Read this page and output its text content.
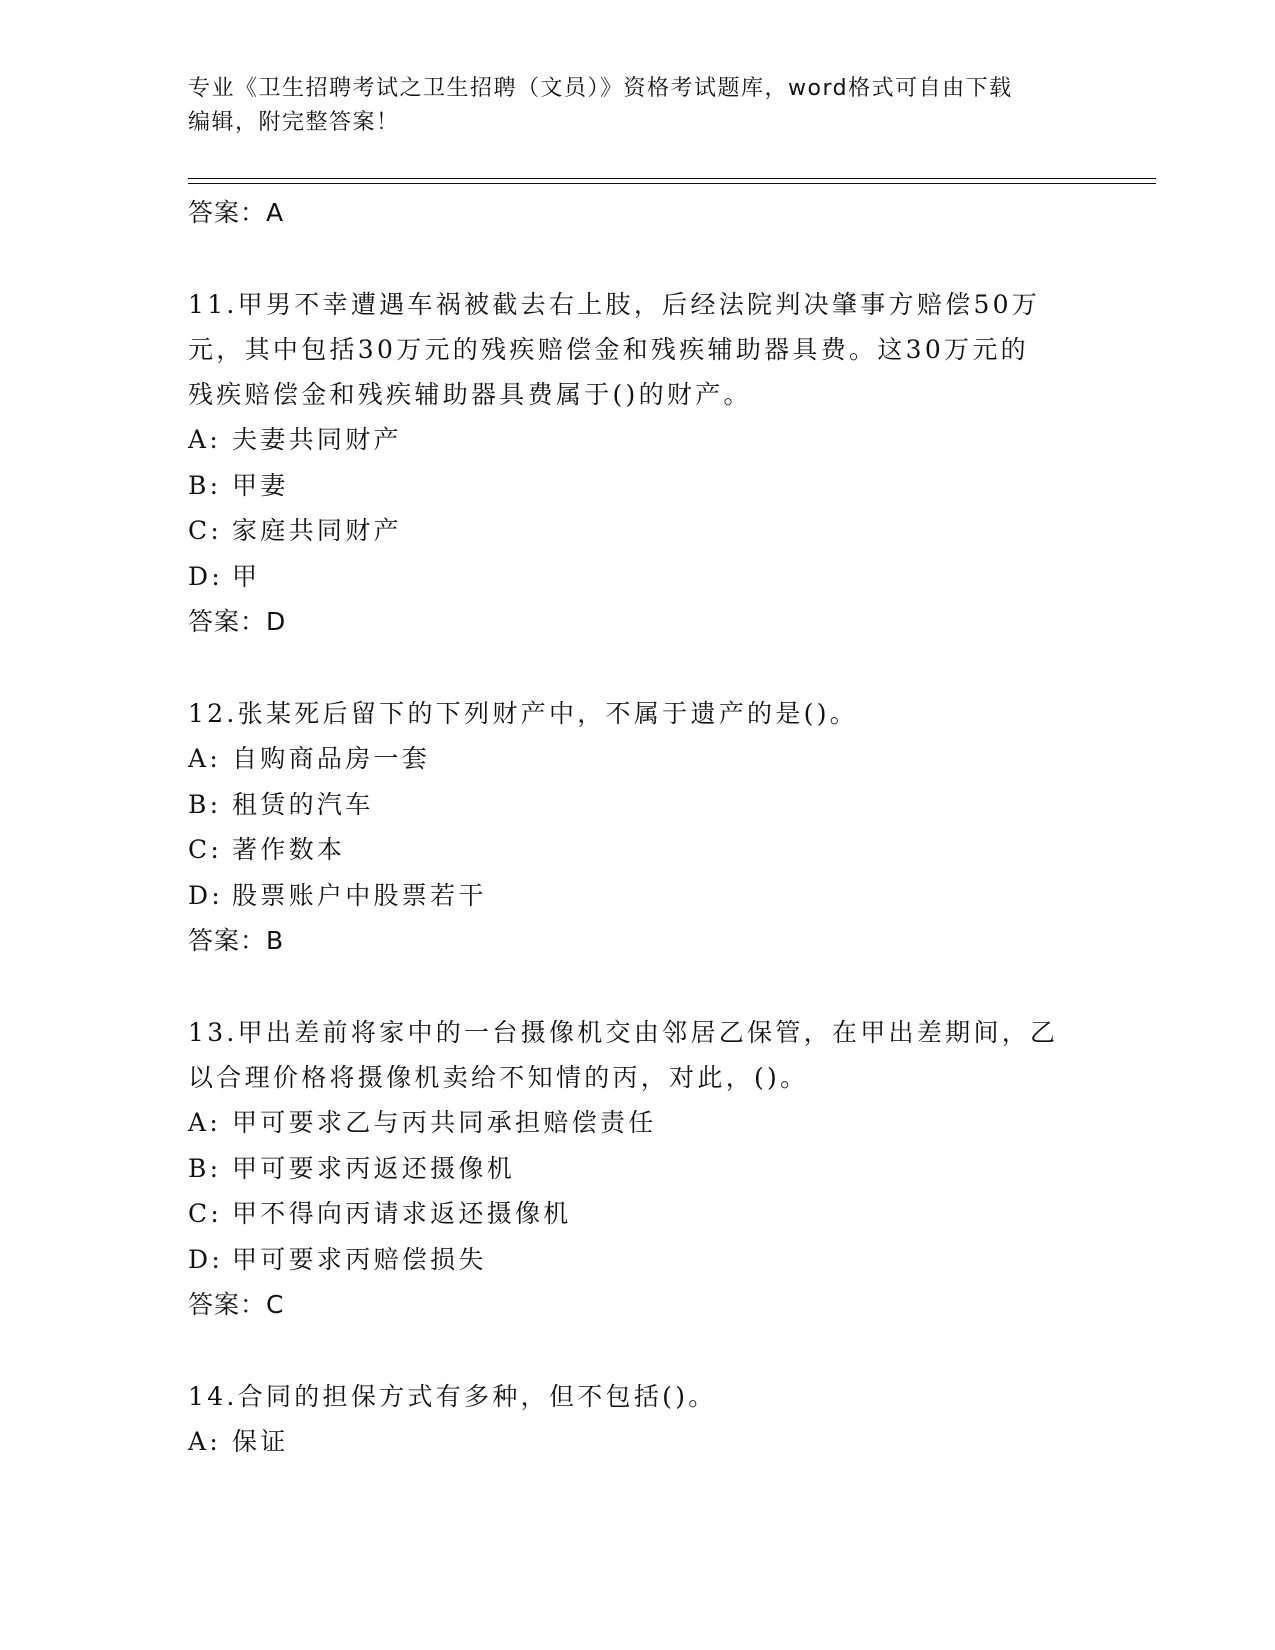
专业《卫生招聘考试之卫生招聘（文员）》资格考试题库，word格式可自由下载
编辑，附完整答案！
答案：A
11.甲男不幸遭遇车祸被截去右上肢，后经法院判决肇事方赔偿50万
元，其中包括30万元的残疾赔偿金和残疾辅助器具费。这30万元的
残疾赔偿金和残疾辅助器具费属于()的财产。
A: 夫妻共同财产
B: 甲妻
C: 家庭共同财产
D: 甲
答案：D
12.张某死后留下的下列财产中，不属于遗产的是()。
A: 自购商品房一套
B: 租赁的汽车
C: 著作数本
D: 股票账户中股票若干
答案：B
13.甲出差前将家中的一台摄像机交由邻居乙保管，在甲出差期间，乙
以合理价格将摄像机卖给不知情的丙，对此，()。
A: 甲可要求乙与丙共同承担赔偿责任
B: 甲可要求丙返还摄像机
C: 甲不得向丙请求返还摄像机
D: 甲可要求丙赔偿损失
答案：C
14.合同的担保方式有多种，但不包括()。
A: 保证
